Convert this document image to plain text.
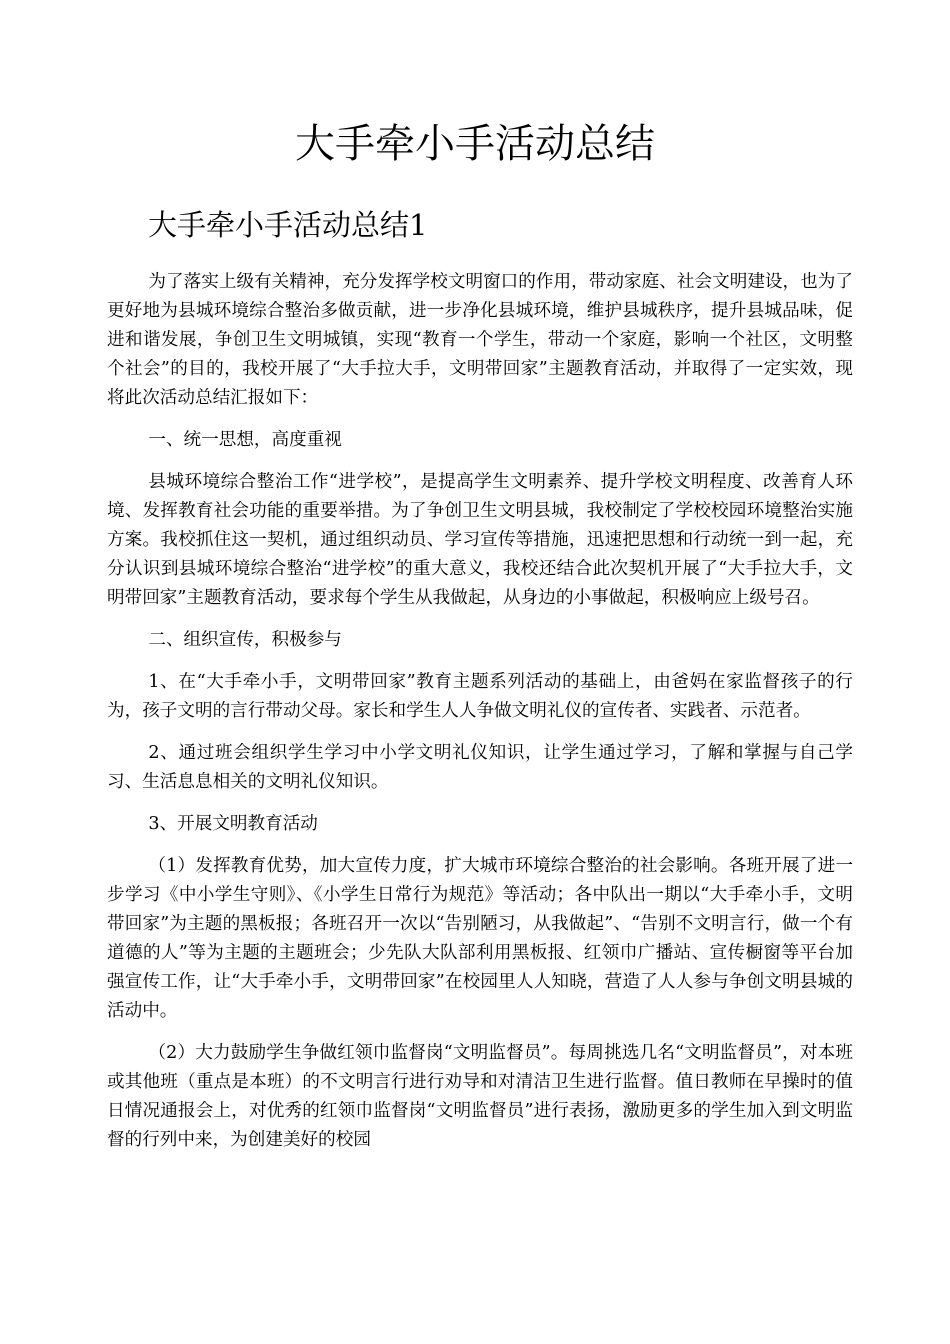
大手牵小手活动总结
大手牵小手活动总结1

为了落实上级有关精神，充分发挥学校文明窗口的作用，带动家庭、社会文明建设，也为了更好地为县城环境综合整治多做贡献，进一步净化县城环境，维护县城秩序，提升县城品味，促进和谐发展，争创卫生文明城镇，实现“教育一个学生，带动一个家庭，影响一个社区，文明整个社会”的目的，我校开展了“大手拉大手，文明带回家”主题教育活动，并取得了一定实效，现将此次活动总结汇报如下：

一、统一思想，高度重视

县城环境综合整治工作“进学校”，是提高学生文明素养、提升学校文明程度、改善育人环境、发挥教育社会功能的重要举措。为了争创卫生文明县城，我校制定了学校校园环境整治实施方案。我校抓住这一契机，通过组织动员、学习宣传等措施，迅速把思想和行动统一到一起，充分认识到县城环境综合整治“进学校”的重大意义，我校还结合此次契机开展了“大手拉大手，文明带回家”主题教育活动，要求每个学生从我做起，从身边的小事做起，积极响应上级号召。

二、组织宣传，积极参与

1、在“大手牵小手，文明带回家”教育主题系列活动的基础上，由爸妈在家监督孩子的行为，孩子文明的言行带动父母。家长和学生人人争做文明礼仪的宣传者、实践者、示范者。

2、通过班会组织学生学习中小学文明礼仪知识，让学生通过学习，了解和掌握与自己学习、生活息息相关的文明礼仪知识。

3、开展文明教育活动

（1）发挥教育优势，加大宣传力度，扩大城市环境综合整治的社会影响。各班开展了进一步学习《中小学生守则》、《小学生日常行为规范》等活动；各中队出一期以“大手牵小手，文明带回家”为主题的黑板报；各班召开一次以“告别陋习，从我做起”、“告别不文明言行，做一个有道德的人”等为主题的主题班会；少先队大队部利用黑板报、红领巾广播站、宣传橱窗等平台加强宣传工作，让“大手牵小手，文明带回家”在校园里人人知晓，营造了人人参与争创文明县城的活动中。

（2）大力鼓励学生争做红领巾监督岗“文明监督员”。每周挑选几名“文明监督员”，对本班或其他班（重点是本班）的不文明言行进行劝导和对清洁卫生进行监督。值日教师在早操时的值日情况通报会上，对优秀的红领巾监督岗“文明监督员”进行表扬，激励更多的学生加入到文明监督的行列中来，为创建美好的校园
